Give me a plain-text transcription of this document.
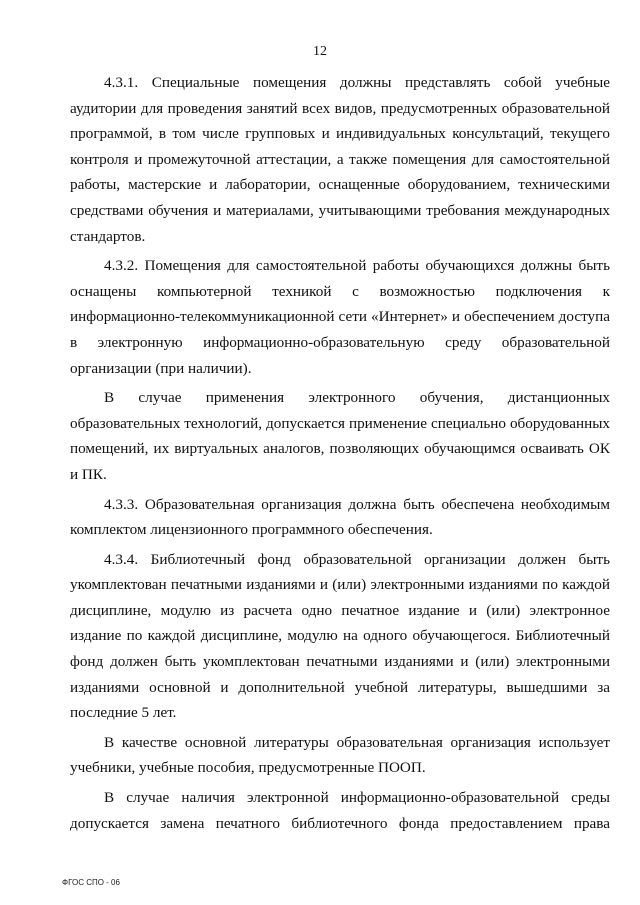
12

4.3.1. Специальные помещения должны представлять собой учебные аудитории для проведения занятий всех видов, предусмотренных образовательной программой, в том числе групповых и индивидуальных консультаций, текущего контроля и промежуточной аттестации, а также помещения для самостоятельной работы, мастерские и лаборатории, оснащенные оборудованием, техническими средствами обучения и материалами, учитывающими требования международных стандартов.

4.3.2. Помещения для самостоятельной работы обучающихся должны быть оснащены компьютерной техникой с возможностью подключения к информационно-телекоммуникационной сети «Интернет» и обеспечением доступа в электронную информационно-образовательную среду образовательной организации (при наличии).

В случае применения электронного обучения, дистанционных образовательных технологий, допускается применение специально оборудованных помещений, их виртуальных аналогов, позволяющих обучающимся осваивать ОК и ПК.

4.3.3. Образовательная организация должна быть обеспечена необходимым комплектом лицензионного программного обеспечения.

4.3.4. Библиотечный фонд образовательной организации должен быть укомплектован печатными изданиями и (или) электронными изданиями по каждой дисциплине, модулю из расчета одно печатное издание и (или) электронное издание по каждой дисциплине, модулю на одного обучающегося. Библиотечный фонд должен быть укомплектован печатными изданиями и (или) электронными изданиями основной и дополнительной учебной литературы, вышедшими за последние 5 лет.

В качестве основной литературы образовательная организация использует учебники, учебные пособия, предусмотренные ПООП.

В случае наличия электронной информационно-образовательной среды допускается замена печатного библиотечного фонда предоставлением права

ФГОС СПО - 06
